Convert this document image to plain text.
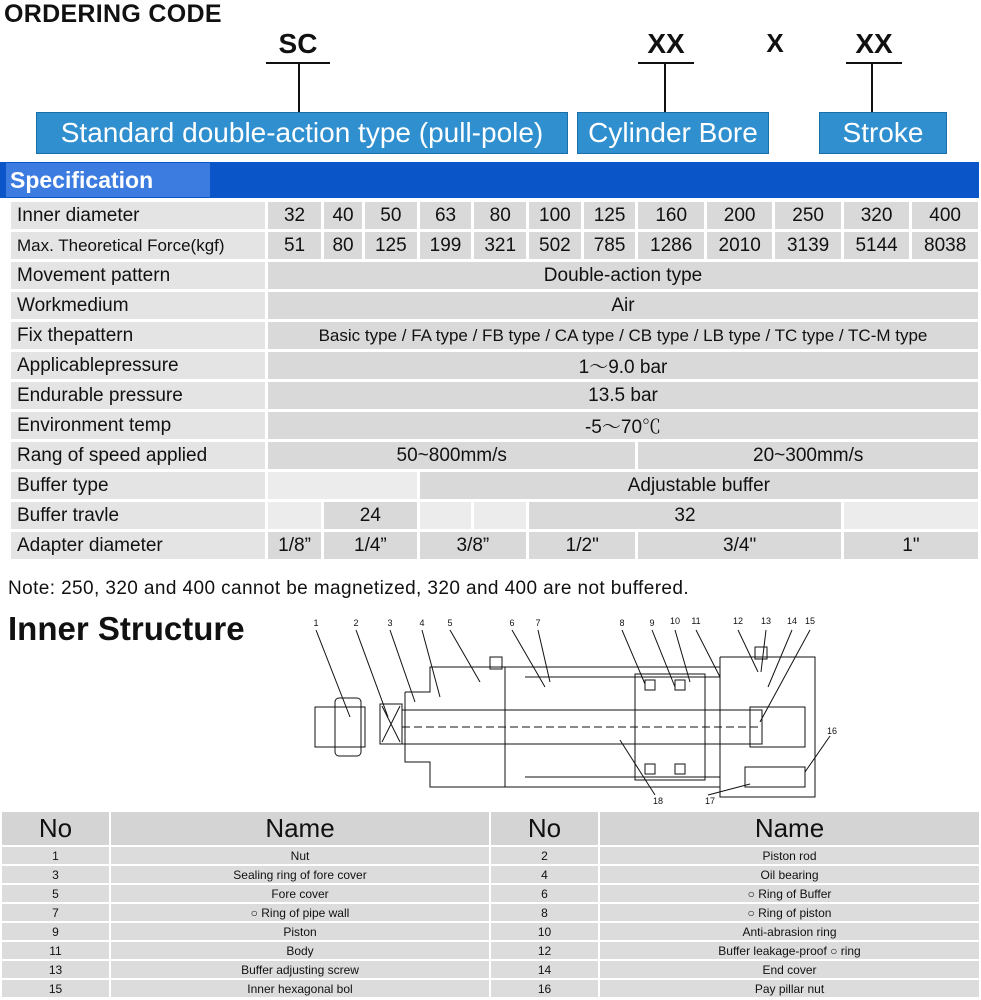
ORDERING CODE
SC	XX	X	XX
Standard double-action type (pull-pole)	Cylinder Bore	Stroke
Specification
Inner diameter	32	40	50	63	80	100	125	160	200	250	320	400
Max. Theoretical Force(kgf)	51	80	125	199	321	502	785	1286	2010	3139	5144	8038
Movement pattern	Double-action type											
Workmedium	Air											
Fix thepattern	Basic type / FA type / FB type / CA type / CB type / LB type / TC type / TC-M type											
Applicablepressure	1〜9.0 bar											
Endurable pressure	13.5 bar											
Environment temp	-5〜70℃											
Rang of speed applied	50~800mm/s							20~300mm/s				
Buffer type				Adjustable buffer								
Buffer travle		24				32						
Adapter diameter	1/8”	1/4”		3/8”		1/2"		3/4"			1"	
Note: 250, 320 and 400 cannot be magnetized, 320 and 400 are not buffered.
Inner Structure	1	2	3	4	5	6 7	8	9 10 11	12 13 14 15
16
17
18
No	Name	No	Name
1	Nut	2	Piston rod
3	Sealing ring of fore cover	4	Oil bearing
5	Fore cover	6	○ Ring of Buffer
7	○ Ring of pipe wall	8	○ Ring of piston
9	Piston	10	Anti-abrasion ring
11	Body	12	Buffer leakage-proof ○ ring
13	Buffer adjusting screw	14	End cover
15	Inner hexagonal bol	16	Pay pillar nut
